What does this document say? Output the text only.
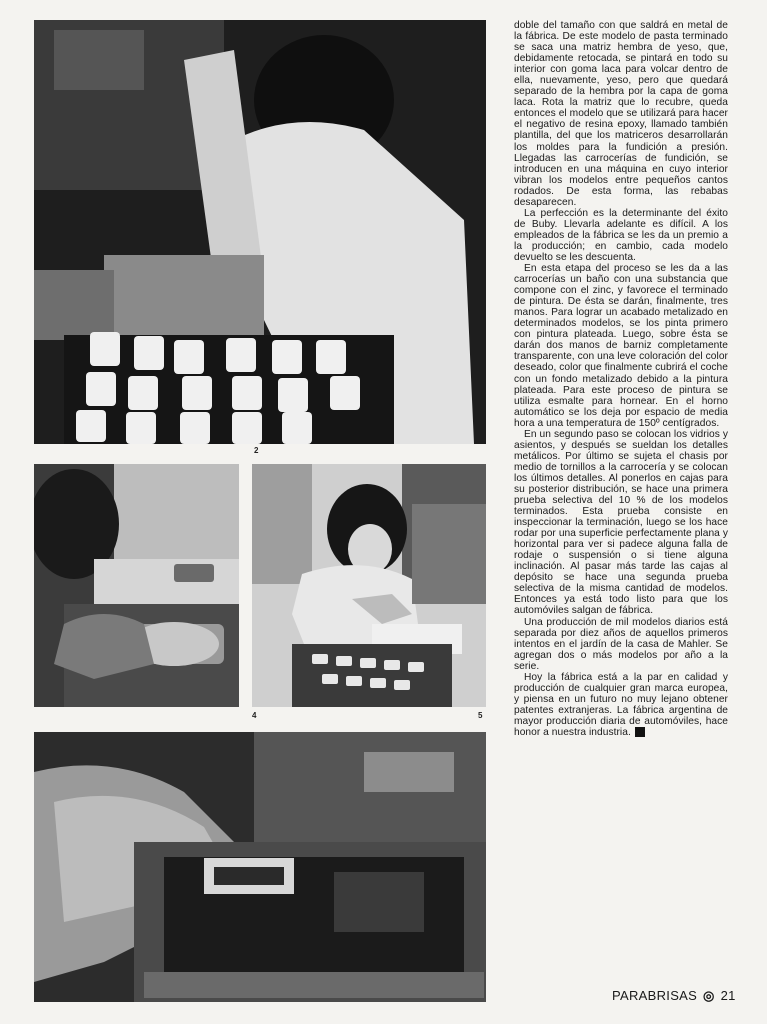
2
4	5

doble del tamaño con que saldrá en metal de la fábrica. De este modelo de pasta terminado se saca una matriz hembra de yeso, que, debidamente retocada, se pintará en todo su interior con goma laca para volcar dentro de ella, nuevamente, yeso, pero que quedará separado de la hembra por la capa de goma laca. Rota la matriz que lo recubre, queda entonces el modelo que se utilizará para hacer el negativo de resina epoxy, llamado también plantilla, del que los matriceros desarrollarán los moldes para la fundición a presión. Llegadas las carrocerías de fundición, se introducen en una máquina en cuyo interior vibran los modelos entre pequeños cantos rodados. De esta forma, las rebabas desaparecen.

La perfección es la determinante del éxito de Buby. Llevarla adelante es difícil. A los empleados de la fábrica se les da un premio a la producción; en cambio, cada modelo devuelto se les descuenta.

En esta etapa del proceso se les da a las carrocerías un baño con una substancia que compone con el zinc, y favorece el terminado de pintura. De ésta se darán, finalmente, tres manos. Para lograr un acabado metalizado en determinados modelos, se los pinta primero con pintura plateada. Luego, sobre ésta se darán dos manos de barniz completamente transparente, con una leve coloración del color deseado, color que finalmente cubrirá el coche con un fondo metalizado debido a la pintura plateada. Para este proceso de pintura se utiliza esmalte para hornear. En el horno automático se los deja por espacio de media hora a una temperatura de 150º centígrados.

En un segundo paso se colocan los vidrios y asientos, y después se sueldan los detalles metálicos. Por último se sujeta el chasis por medio de tornillos a la carrocería y se colocan los últimos detalles. Al ponerlos en cajas para su posterior distribución, se hace una primera prueba selectiva del 10 % de los modelos terminados. Esta prueba consiste en inspeccionar la terminación, luego se los hace rodar por una superficie perfectamente plana y horizontal para ver si padece alguna falla de rodaje o suspensión o si tiene alguna inclinación. Al pasar más tarde las cajas al depósito se hace una segunda prueba selectiva de la misma cantidad de modelos. Entonces ya está todo listo para que los automóviles salgan de fábrica.

Una producción de mil modelos diarios está separada por diez años de aquellos primeros intentos en el jardín de la casa de Mahler. Se agregan dos o más modelos por año a la serie.

Hoy la fábrica está a la par en calidad y producción de cualquier gran marca europea, y piensa en un futuro no muy lejano obtener patentes extranjeras. La fábrica argentina de mayor producción diaria de automóviles, hace honor a nuestra industria. q

PARABRISAS ◎ 21
